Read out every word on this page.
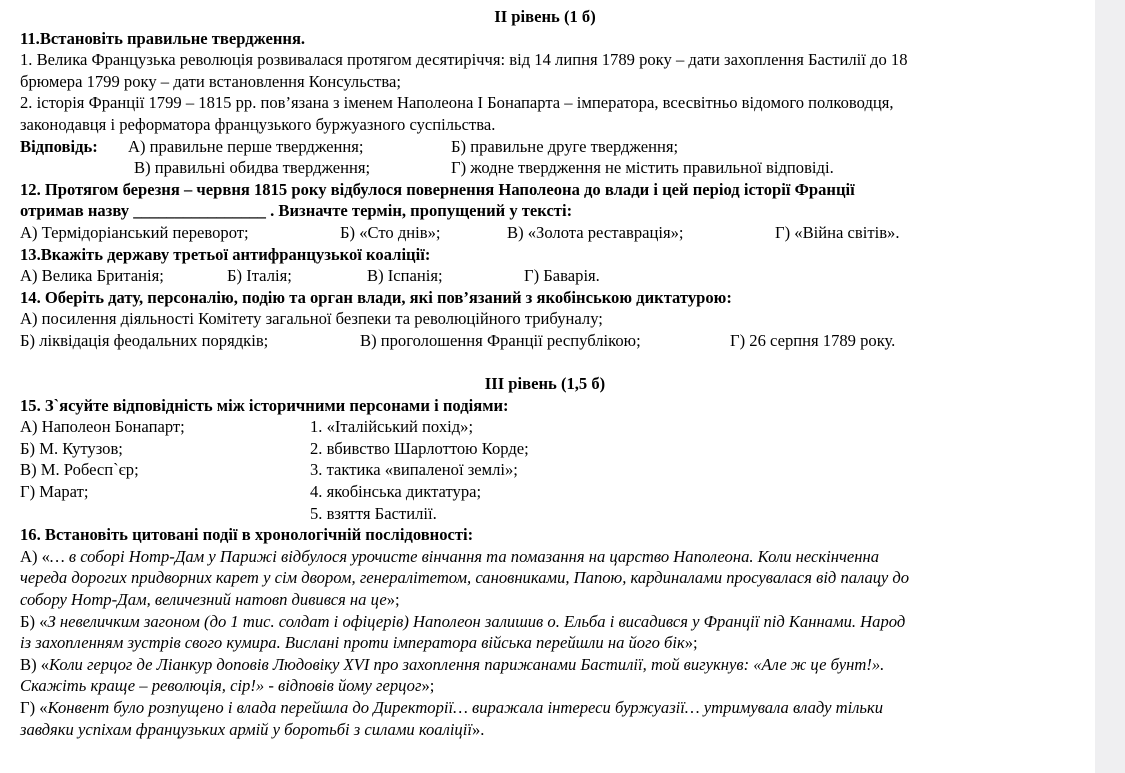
ІІ рівень (1 б)
11.Встановіть правильне твердження.
1. Велика Французька революція розвивалася протягом десятиріччя: від 14 липня 1789 року – дати захоплення Бастилії до 18
брюмера 1799 року – дати встановлення Консульства;
2. історія Франції 1799 – 1815 рр. пов’язана з іменем Наполеона І Бонапарта – імператора, всесвітньо відомого полководця,
законодавця і реформатора французького буржуазного суспільства.
Відповідь: А) правильне перше твердження;	Б) правильне друге твердження;
В) правильні обидва твердження;	Г) жодне твердження не містить правильної відповіді.
12. Протягом березня – червня 1815 року відбулося повернення Наполеона до влади і цей період історії Франції
отримав назву ________________ . Визначте термін, пропущений у тексті:
А) Термідоріанський переворот;	Б) «Сто днів»;	В) «Золота реставрація»;	Г) «Війна світів».
13.Вкажіть державу третьої антифранцузької коаліції:
А) Велика Британія;	Б) Італія;	В) Іспанія;	Г) Баварія.
14. Оберіть дату, персоналію, подію та орган влади, які пов’язаний з якобінською диктатурою:
А) посилення діяльності Комітету загальної безпеки та революційного трибуналу;
Б) ліквідація феодальних порядків;	В) проголошення Франції республікою;	Г) 26 серпня 1789 року.
ІІІ рівень (1,5 б)
15. З`ясуйте відповідність між історичними персонами і подіями:
А) Наполеон Бонапарт;	1. «Італійський похід»;
Б) М. Кутузов;	2. вбивство Шарлоттою Корде;
В) М. Робесп`єр;	3. тактика «випаленої землі»;
Г) Марат;	4. якобінська диктатура;
5. взяття Бастилії.
16. Встановіть цитовані події в хронологічній послідовності:
А) «… в соборі Нотр-Дам у Парижі відбулося урочисте вінчання та помазання на царство Наполеона. Коли нескінченна
череда дорогих придворних карет у сім двором, генералітетом, сановниками, Папою, кардиналами просувалася від палацу до
собору Нотр-Дам, величезний натовп дивився на це»;
Б) «З невеличким загоном (до 1 тис. солдат і офіцерів) Наполеон залишив о. Ельба і висадився у Франції під Каннами. Народ
із захопленням зустрів свого кумира. Вислані проти імператора війська перейшли на його бік»;
В) «Коли герцог де Ліанкур доповів Людовіку XVI про захоплення парижанами Бастилії, той вигукнув: «Але ж це бунт!».
Скажіть краще – революція, сір!» - відповів йому герцог»;
Г) «Конвент було розпущено і влада перейшла до Директорії… виражала інтереси буржуазії… утримувала владу тільки
завдяки успіхам французьких армій у боротьбі з силами коаліції».
